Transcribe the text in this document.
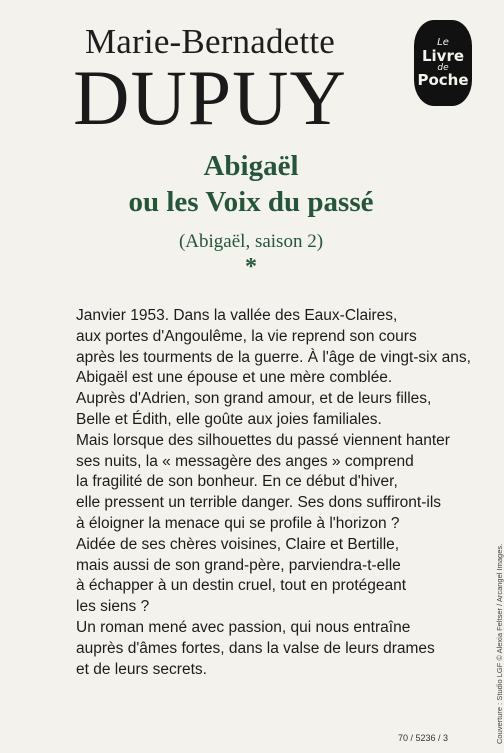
Marie-Bernadette
DUPUY
Le
Livre
de
Poche
Abigaël
ou les Voix du passé
(Abigaël, saison 2)
*
Janvier 1953. Dans la vallée des Eaux-Claires,
aux portes d'Angoulême, la vie reprend son cours
après les tourments de la guerre. À l'âge de vingt-six ans,
Abigaël est une épouse et une mère comblée.
Auprès d'Adrien, son grand amour, et de leurs filles,
Belle et Édith, elle goûte aux joies familiales.
Mais lorsque des silhouettes du passé viennent hanter
ses nuits, la « messagère des anges » comprend
la fragilité de son bonheur. En ce début d'hiver,
elle pressent un terrible danger. Ses dons suffiront-ils
à éloigner la menace qui se profile à l'horizon ?
Aidée de ses chères voisines, Claire et Bertille,
mais aussi de son grand-père, parviendra-t-elle
à échapper à un destin cruel, tout en protégeant
les siens ?
Un roman mené avec passion, qui nous entraîne
auprès d'âmes fortes, dans la valse de leurs drames
et de leurs secrets.	Couverture : Studio LGF © Alexia Feltser / Arcangel Images.
70 / 5236 / 3
